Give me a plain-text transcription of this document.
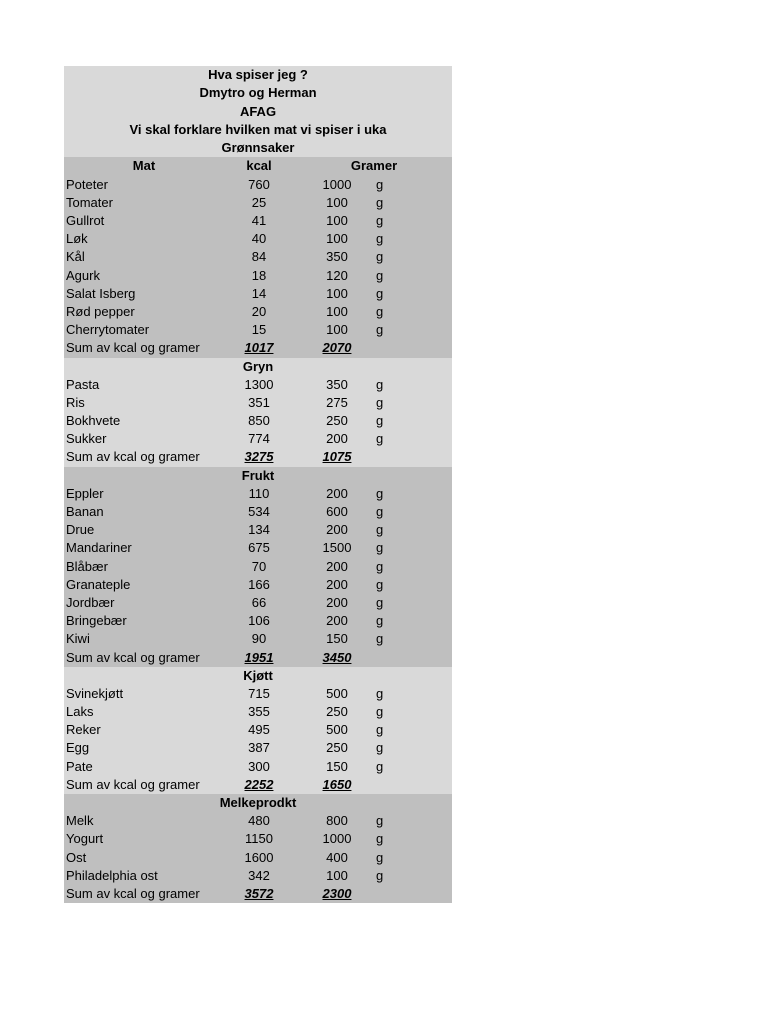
Hva spiser jeg ?
Dmytro og Herman
AFAG
Vi skal forklare hvilken mat vi spiser i uka
Grønnsaker
Mat	kcal	Gramer
Poteter	760	1000	g
Tomater	25	100	g
Gullrot	41	100	g
Løk	40	100	g
Kål	84	350	g
Agurk	18	120	g
Salat Isberg	14	100	g
Rød pepper	20	100	g
Cherrytomater	15	100	g
Sum av kcal og gramer	1017	2070
Gryn
Pasta	1300	350	g
Ris	351	275	g
Bokhvete	850	250	g
Sukker	774	200	g
Sum av kcal og gramer	3275	1075
Frukt
Eppler	110	200	g
Banan	534	600	g
Drue	134	200	g
Mandariner	675	1500	g
Blåbær	70	200	g
Granateple	166	200	g
Jordbær	66	200	g
Bringebær	106	200	g
Kiwi	90	150	g
Sum av kcal og gramer	1951	3450
Kjøtt
Svinekjøtt	715	500	g
Laks	355	250	g
Reker	495	500	g
Egg	387	250	g
Pate	300	150	g
Sum av kcal og gramer	2252	1650
Melkeprodkt
Melk	480	800	g
Yogurt	1150	1000	g
Ost	1600	400	g
Philadelphia ost	342	100	g
Sum av kcal og gramer	3572	2300
